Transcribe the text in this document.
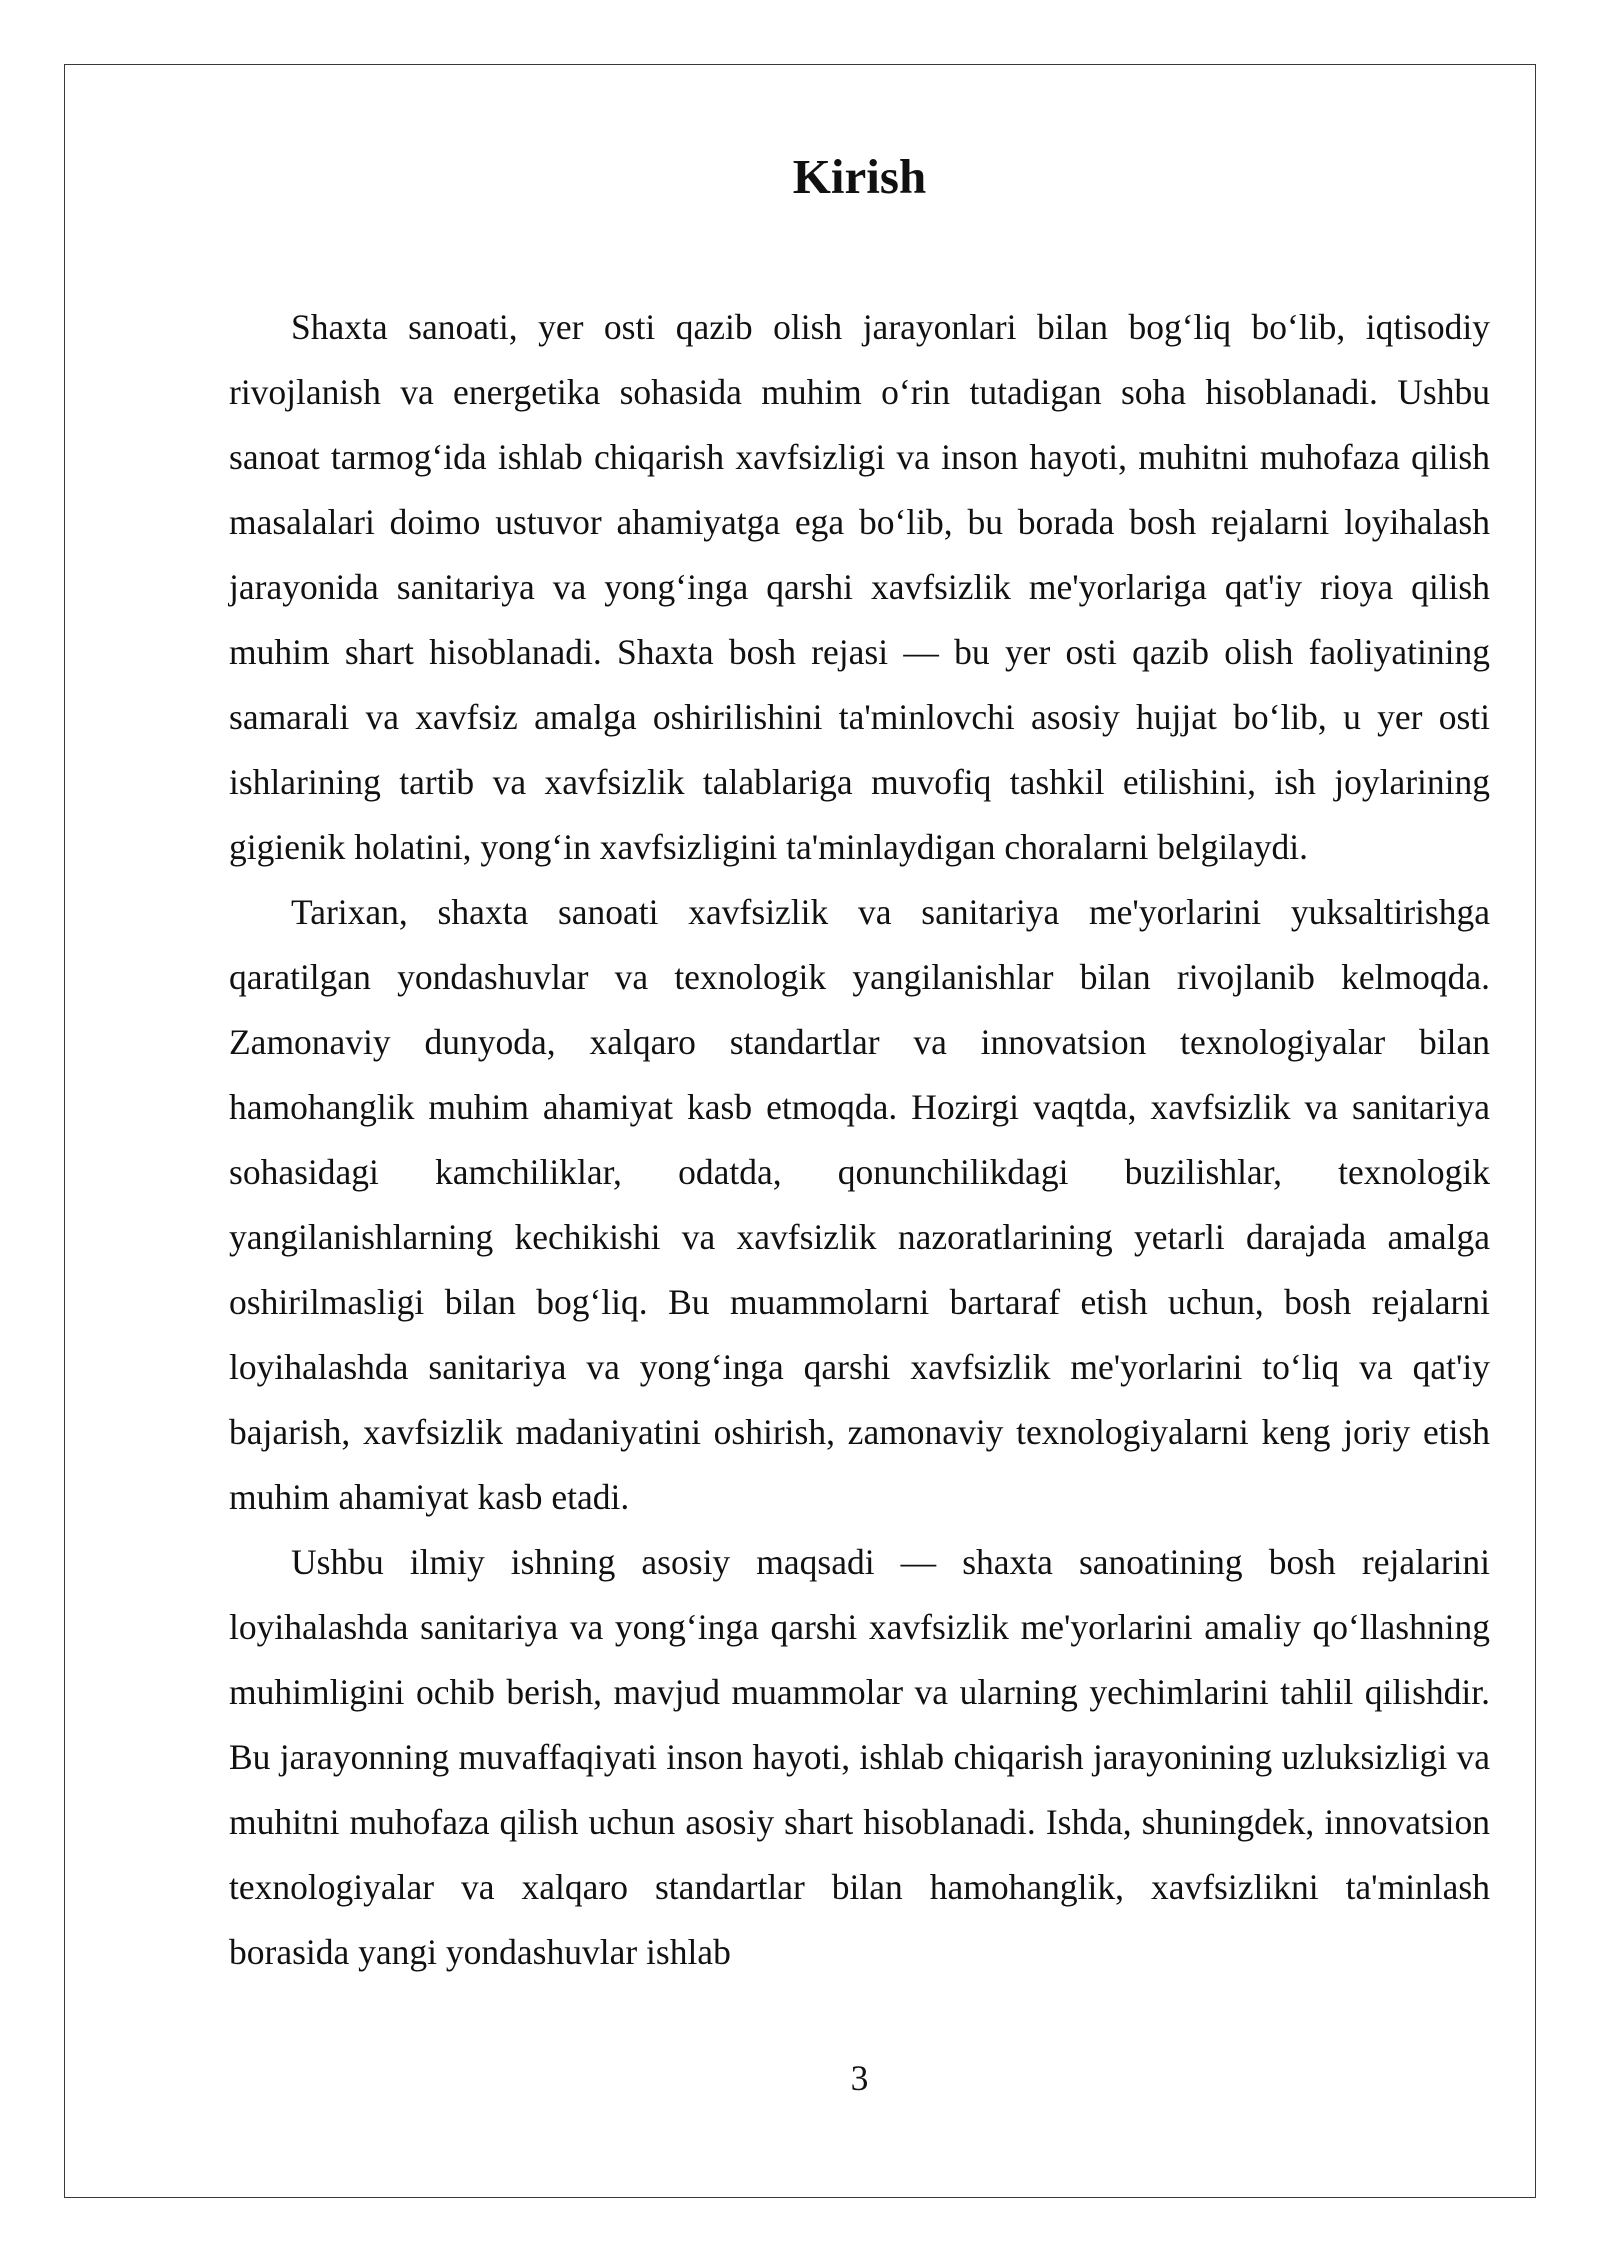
Kirish

Shaxta sanoati, yer osti qazib olish jarayonlari bilan bog‘liq bo‘lib, iqtisodiy rivojlanish va energetika sohasida muhim o‘rin tutadigan soha hisoblanadi. Ushbu sanoat tarmog‘ida ishlab chiqarish xavfsizligi va inson hayoti, muhitni muhofaza qilish masalalari doimo ustuvor ahamiyatga ega bo‘lib, bu borada bosh rejalarni loyihalash jarayonida sanitariya va yong‘inga qarshi xavfsizlik me'yorlariga qat'iy rioya qilish muhim shart hisoblanadi. Shaxta bosh rejasi — bu yer osti qazib olish faoliyatining samarali va xavfsiz amalga oshirilishini ta'minlovchi asosiy hujjat bo‘lib, u yer osti ishlarining tartib va xavfsizlik talablariga muvofiq tashkil etilishini, ish joylarining gigienik holatini, yong‘in xavfsizligini ta'minlaydigan choralarni belgilaydi.

Tarixan, shaxta sanoati xavfsizlik va sanitariya me'yorlarini yuksaltirishga qaratilgan yondashuvlar va texnologik yangilanishlar bilan rivojlanib kelmoqda. Zamonaviy dunyoda, xalqaro standartlar va innovatsion texnologiyalar bilan hamohanglik muhim ahamiyat kasb etmoqda. Hozirgi vaqtda, xavfsizlik va sanitariya sohasidagi kamchiliklar, odatda, qonunchilikdagi buzilishlar, texnologik yangilanishlarning kechikishi va xavfsizlik nazoratlarining yetarli darajada amalga oshirilmasligi bilan bog‘liq. Bu muammolarni bartaraf etish uchun, bosh rejalarni loyihalashda sanitariya va yong‘inga qarshi xavfsizlik me'yorlarini to‘liq va qat'iy bajarish, xavfsizlik madaniyatini oshirish, zamonaviy texnologiyalarni keng joriy etish muhim ahamiyat kasb etadi.

Ushbu ilmiy ishning asosiy maqsadi — shaxta sanoatining bosh rejalarini loyihalashda sanitariya va yong‘inga qarshi xavfsizlik me'yorlarini amaliy qo‘llashning muhimligini ochib berish, mavjud muammolar va ularning yechimlarini tahlil qilishdir. Bu jarayonning muvaffaqiyati inson hayoti, ishlab chiqarish jarayonining uzluksizligi va muhitni muhofaza qilish uchun asosiy shart hisoblanadi. Ishda, shuningdek, innovatsion texnologiyalar va xalqaro standartlar bilan hamohanglik, xavfsizlikni ta'minlash borasida yangi yondashuvlar ishlab

3
